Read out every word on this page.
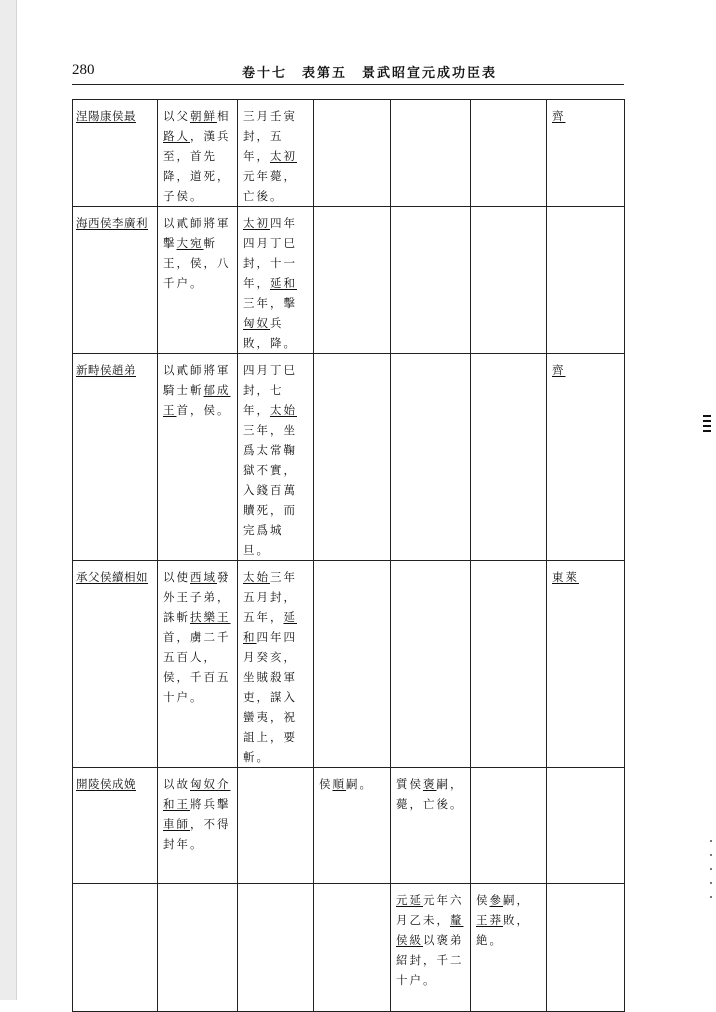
280	卷十七　表第五　景武昭宣元成功臣表
涅陽康侯最	以父朝鮮相路人，漢兵至，首先降，道死，子侯。	三月壬寅封，五年，太初元年薨，亡後。				齊
海西侯李廣利	以貳師將軍擊大宛斬王，侯，八千户。	太初四年四月丁巳封，十一年，延和三年，擊匈奴兵敗，降。				
新畤侯趙弟	以貳師將軍騎士斬郁成王首，侯。	四月丁巳封，七年，太始三年，坐爲太常鞠獄不實，入錢百萬贖死，而完爲城旦。				齊
承父侯續相如	以使西域發外王子弟，誅斬扶樂王首，虜二千五百人，侯，千百五十户。	太始三年五月封，五年，延和四年四月癸亥，坐賊殺軍吏，謀入蠻夷，祝詛上，要斬。				東萊
開陵侯成娩	以故匈奴介和王將兵擊車師，不得封年。		侯順嗣。	質侯褒嗣，薨，亡後。		
				元延元年六月乙未，釐侯級以褒弟紹封，千二十户。	侯參嗣，王莽敗，絶。	
